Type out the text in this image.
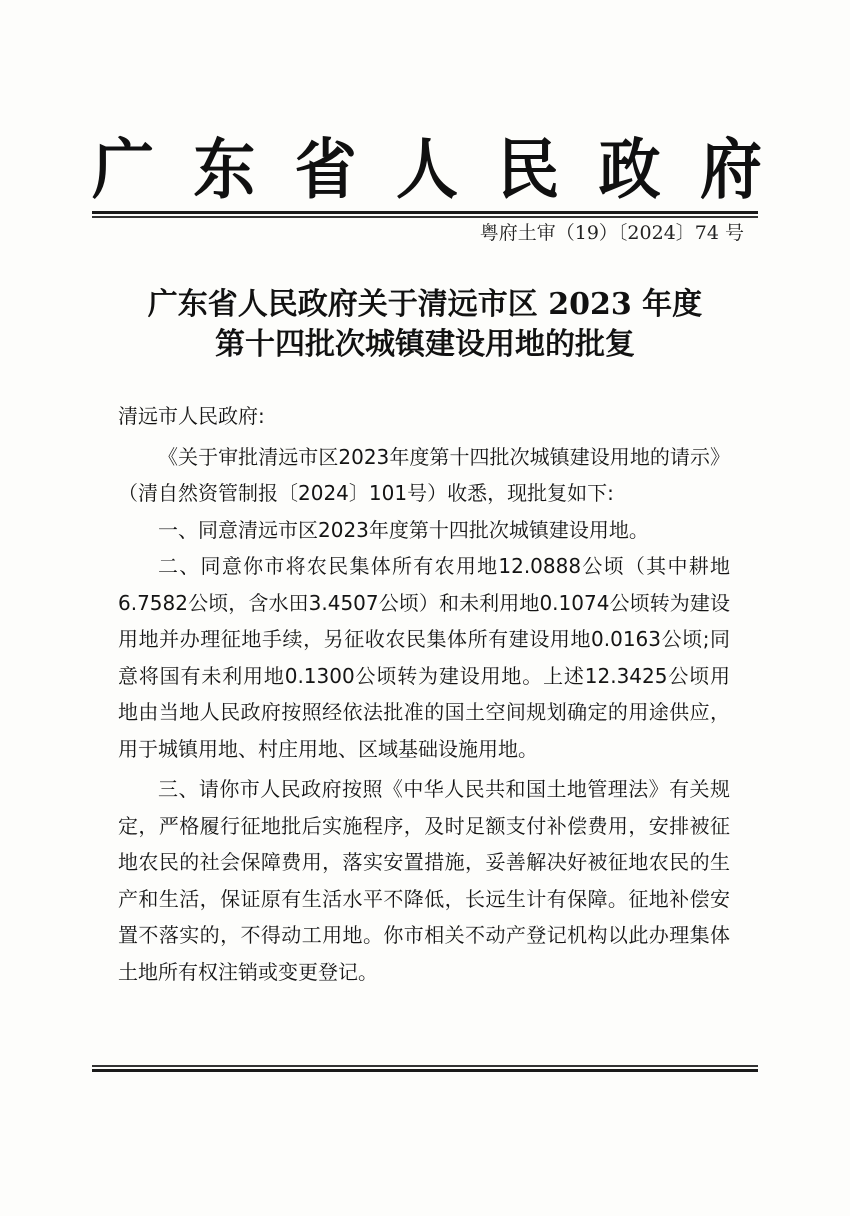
广 东 省 人 民 政 府
粤府土审（19）〔2024〕74 号
广东省人民政府关于清远市区 2023 年度
第十四批次城镇建设用地的批复

清远市人民政府:

《关于审批清远市区2023年度第十四批次城镇建设用地的请示》（清自然资管制报〔2024〕101号）收悉，现批复如下:

一、同意清远市区2023年度第十四批次城镇建设用地。

二、同意你市将农民集体所有农用地12.0888公顷（其中耕地6.7582公顷，含水田3.4507公顷）和未利用地0.1074公顷转为建设用地并办理征地手续，另征收农民集体所有建设用地0.0163公顷;同意将国有未利用地0.1300公顷转为建设用地。上述12.3425公顷用地由当地人民政府按照经依法批准的国土空间规划确定的用途供应，用于城镇用地、村庄用地、区域基础设施用地。

三、请你市人民政府按照《中华人民共和国土地管理法》有关规定，严格履行征地批后实施程序，及时足额支付补偿费用，安排被征地农民的社会保障费用，落实安置措施，妥善解决好被征地农民的生产和生活，保证原有生活水平不降低，长远生计有保障。征地补偿安置不落实的，不得动工用地。你市相关不动产登记机构以此办理集体土地所有权注销或变更登记。
